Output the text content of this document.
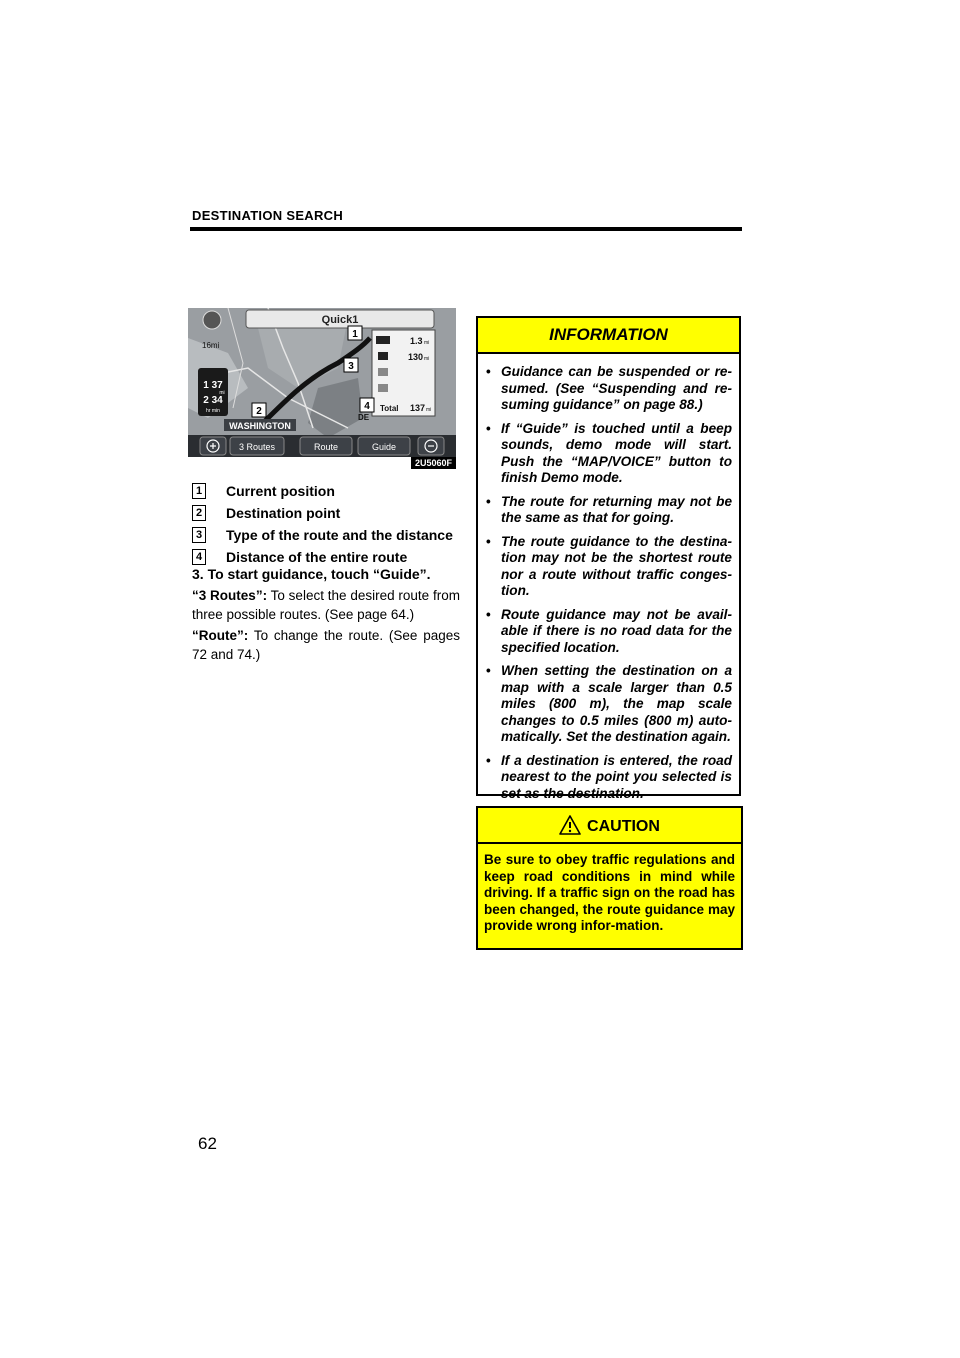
DESTINATION SEARCH
Quick1
16mi
1 37
mi
2 34
hr min
1.3 mi
130 mi
Total 137 mi
WASHINGTON
DE
1
2
3
4
3 Routes	Route	Guide
2U5060F
1 Current position
2 Destination point
3 Type of the route and the distance
4 Distance of the entire route
3. To start guidance, touch “Guide”.
“3 Routes”: To select the desired route from three possible routes. (See page 64.)
“Route”: To change the route. (See pages 72 and 74.)
INFORMATION
• Guidance can be suspended or re-sumed. (See “Suspending and re-suming guidance” on page 88.)
• If “Guide” is touched until a beep sounds, demo mode will start. Push the “MAP/VOICE” button to finish Demo mode.
• The route for returning may not be the same as that for going.
• The route guidance to the destina-tion may not be the shortest route nor a route without traffic conges-tion.
• Route guidance may not be avail-able if there is no road data for the specified location.
• When setting the destination on a map with a scale larger than 0.5 miles (800 m), the map scale changes to 0.5 miles (800 m) auto-matically. Set the destination again.
• If a destination is entered, the road nearest to the point you selected is set as the destination.
CAUTION
Be sure to obey traffic regulations and keep road conditions in mind while driving. If a traffic sign on the road has been changed, the route guidance may provide wrong infor-mation.
62
